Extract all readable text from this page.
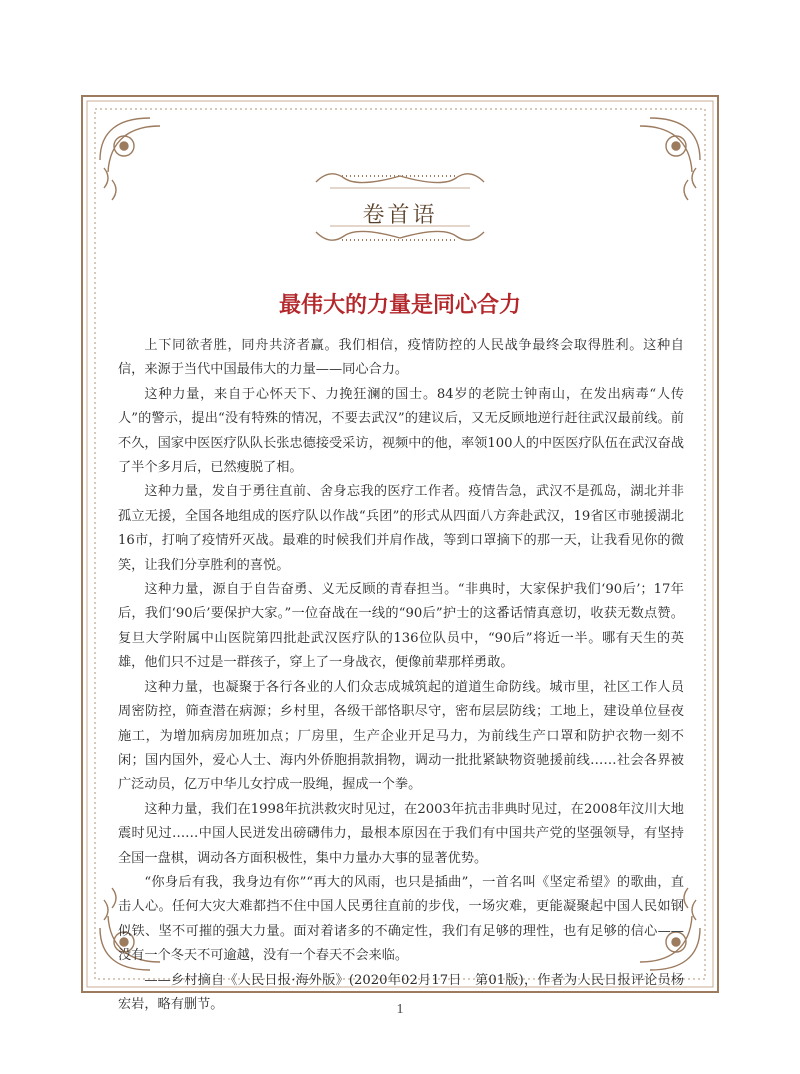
卷首语
最伟大的力量是同心合力

上下同欲者胜，同舟共济者赢。我们相信，疫情防控的人民战争最终会取得胜利。这种自信，来源于当代中国最伟大的力量——同心合力。

这种力量，来自于心怀天下、力挽狂澜的国士。84岁的老院士钟南山，在发出病毒“人传人”的警示，提出“没有特殊的情况，不要去武汉”的建议后，又无反顾地逆行赶往武汉最前线。前不久，国家中医医疗队队长张忠德接受采访，视频中的他，率领100人的中医医疗队伍在武汉奋战了半个多月后，已然瘦脱了相。

这种力量，发自于勇往直前、舍身忘我的医疗工作者。疫情告急，武汉不是孤岛，湖北并非孤立无援，全国各地组成的医疗队以作战“兵团”的形式从四面八方奔赴武汉，19省区市驰援湖北16市，打响了疫情歼灭战。最难的时候我们并肩作战，等到口罩摘下的那一天，让我看见你的微笑，让我们分享胜利的喜悦。

这种力量，源自于自告奋勇、义无反顾的青春担当。“非典时，大家保护我们‘90后’；17年后，我们‘90后’要保护大家。”一位奋战在一线的“90后”护士的这番话情真意切，收获无数点赞。复旦大学附属中山医院第四批赴武汉医疗队的136位队员中，“90后”将近一半。哪有天生的英雄，他们只不过是一群孩子，穿上了一身战衣，便像前辈那样勇敢。

这种力量，也凝聚于各行各业的人们众志成城筑起的道道生命防线。城市里，社区工作人员周密防控，筛查潜在病源；乡村里，各级干部恪职尽守，密布层层防线；工地上，建设单位昼夜施工，为增加病房加班加点；厂房里，生产企业开足马力，为前线生产口罩和防护衣物一刻不闲；国内国外，爱心人士、海内外侨胞捐款捐物，调动一批批紧缺物资驰援前线……社会各界被广泛动员，亿万中华儿女拧成一股绳，握成一个拳。

这种力量，我们在1998年抗洪救灾时见过，在2003年抗击非典时见过，在2008年汶川大地震时见过……中国人民迸发出磅礴伟力，最根本原因在于我们有中国共产党的坚强领导，有坚持全国一盘棋，调动各方面积极性，集中力量办大事的显著优势。

“你身后有我，我身边有你”“再大的风雨，也只是插曲”，一首名叫《坚定希望》的歌曲，直击人心。任何大灾大难都挡不住中国人民勇往直前的步伐，一场灾难，更能凝聚起中国人民如钢似铁、坚不可摧的强大力量。面对着诸多的不确定性，我们有足够的理性，也有足够的信心——没有一个冬天不可逾越，没有一个春天不会来临。

——乡村摘自《人民日报·海外版》(2020年02月17日　第01版)，作者为人民日报评论员杨宏岩，略有删节。	1
